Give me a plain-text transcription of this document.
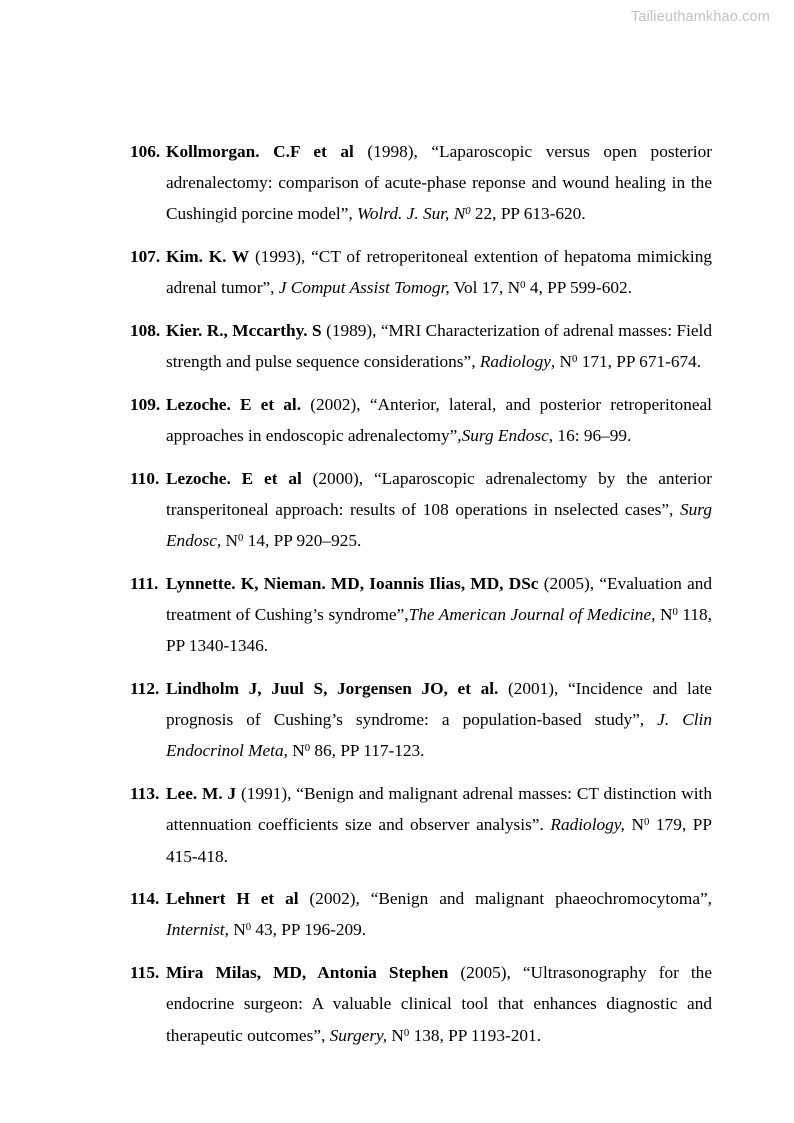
Tailieuthamkhao.com
106. Kollmorgan. C.F et al (1998), “Laparoscopic versus open posterior adrenalectomy: comparison of acute-phase reponse and wound healing in the Cushingid porcine model”, Wolrd. J. Sur, $N^0$ 22, PP 613-620.
107. Kim. K. W (1993), “CT of retroperitoneal extention of hepatoma mimicking adrenal tumor”, J Comput Assist Tomogr, Vol 17, $N^0$ 4, PP 599-602.
108. Kier. R., Mccarthy. S (1989), “MRI Characterization of adrenal masses: Field strength and pulse sequence considerations”, Radiology, $N^0$ 171, PP 671-674.
109. Lezoche. E et al. (2002), “Anterior, lateral, and posterior retroperitoneal approaches in endoscopic adrenalectomy”,Surg Endosc, 16: 96–99.
110. Lezoche. E et al (2000), “Laparoscopic adrenalectomy by the anterior transperitoneal approach: results of 108 operations in nselected cases”, Surg Endosc, $N^0$ 14, PP 920–925.
111. Lynnette. K, Nieman. MD, Ioannis Ilias, MD, DSc (2005), “Evaluation and treatment of Cushing’s syndrome”,The American Journal of Medicine, $N^0$ 118, PP 1340-1346.
112. Lindholm J, Juul S, Jorgensen JO, et al. (2001), “Incidence and late prognosis of Cushing’s syndrome: a population-based study”, J. Clin Endocrinol Meta, $N^0$ 86, PP 117-123.
113. Lee. M. J (1991), “Benign and malignant adrenal masses: CT distinction with attennuation coefficients size and observer analysis”. Radiology, $N^0$ 179, PP 415-418.
114. Lehnert H et al (2002), “Benign and malignant phaeochromocytoma”, Internist, $N^0$ 43, PP 196-209.
115. Mira Milas, MD, Antonia Stephen (2005), “Ultrasonography for the endocrine surgeon: A valuable clinical tool that enhances diagnostic and therapeutic outcomes”, Surgery, $N^0$ 138, PP 1193-201.
